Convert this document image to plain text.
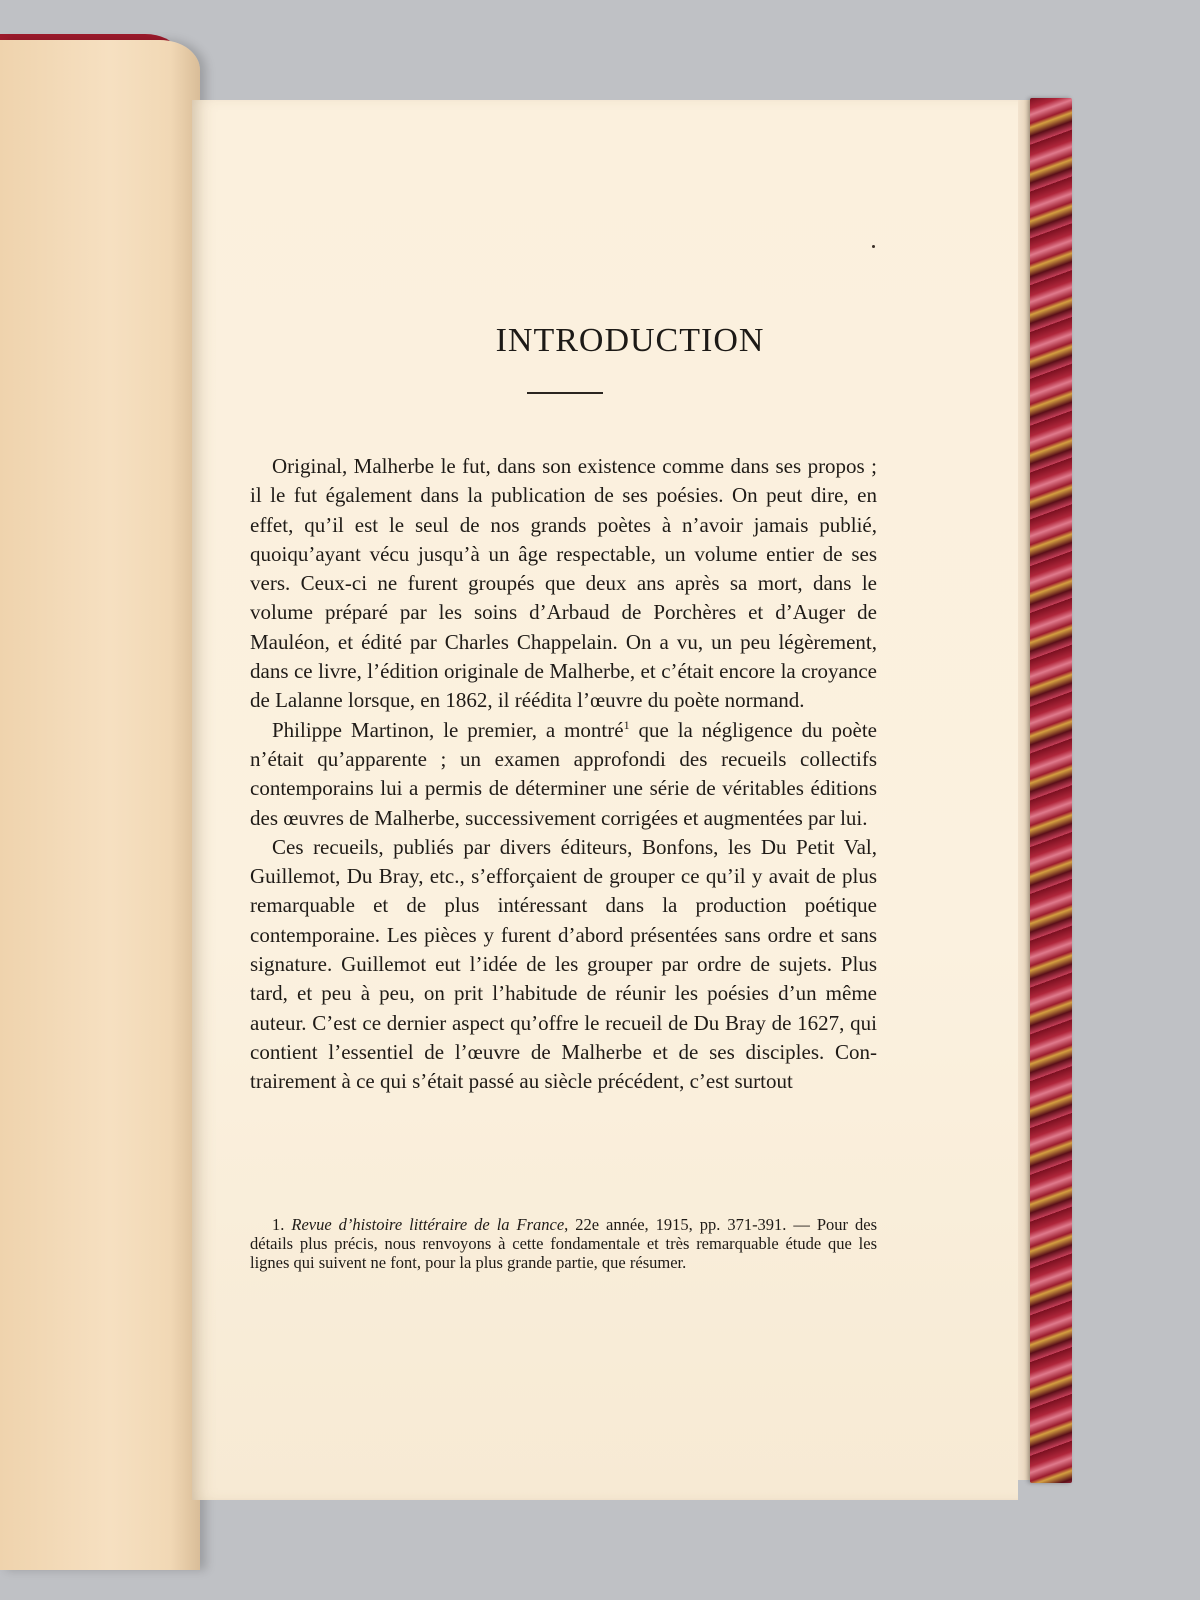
INTRODUCTION

Original, Malherbe le fut, dans son existence comme dans ses propos ; il le fut également dans la publication de ses poésies. On peut dire, en effet, qu’il est le seul de nos grands poètes à n’avoir jamais publié, quoiqu’ayant vécu jusqu’à un âge respectable, un volume entier de ses vers. Ceux-ci ne furent groupés que deux ans après sa mort, dans le volume préparé par les soins d’Arbaud de Porchères et d’Auger de Mauléon, et édité par Charles Chappelain. On a vu, un peu légèrement, dans ce livre, l’édition originale de Malherbe, et c’était encore la croyance de Lalanne lorsque, en 1862, il réédita l’œuvre du poète normand.

Philippe Martinon, le premier, a montré$^1$ que la négligence du poète n’était qu’apparente ; un examen approfondi des recueils collectifs contemporains lui a permis de déterminer une série de véritables éditions des œuvres de Malherbe, successivement corrigées et augmentées par lui.

Ces recueils, publiés par divers éditeurs, Bonfons, les Du Petit Val, Guillemot, Du Bray, etc., s’efforçaient de grouper ce qu’il y avait de plus remarquable et de plus intéressant dans la production poétique contemporaine. Les pièces y furent d’abord présentées sans ordre et sans signature. Guillemot eut l’idée de les grouper par ordre de sujets. Plus tard, et peu à peu, on prit l’habitude de réunir les poésies d’un même auteur. C’est ce dernier aspect qu’offre le recueil de Du Bray de 1627, qui contient l’essentiel de l’œuvre de Malherbe et de ses disciples. Contrairement à ce qui s’était passé au siècle précédent, c’est surtout

1. Revue d’histoire littéraire de la France, 22e année, 1915, pp. 371-391. — Pour des détails plus précis, nous renvoyons à cette fondamentale et très remarquable étude que les lignes qui suivent ne font, pour la plus grande partie, que résumer.
